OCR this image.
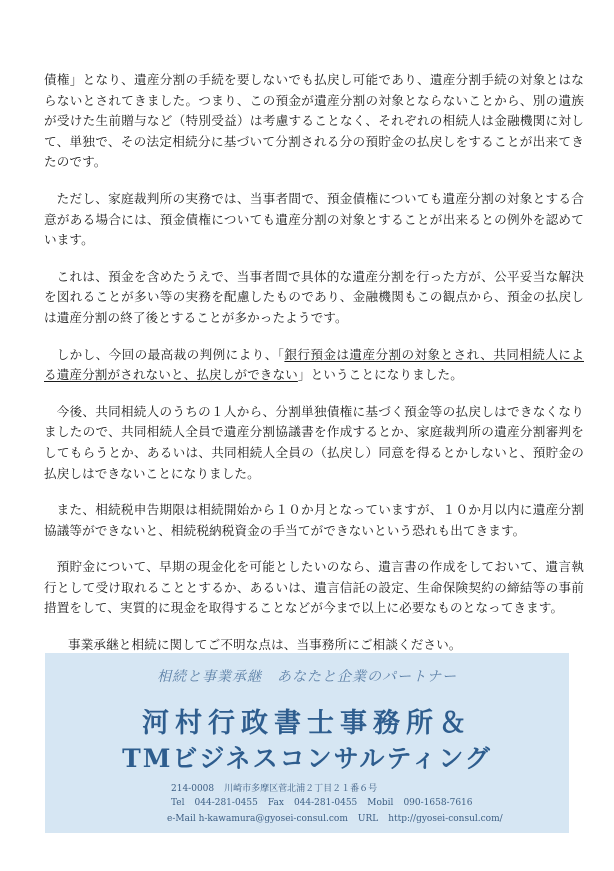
債権」となり、遺産分割の手続を要しないでも払戻し可能であり、遺産分割手続の対象とはならないとされてきました。つまり、この預金が遺産分割の対象とならないことから、別の遺族が受けた生前贈与など（特別受益）は考慮することなく、それぞれの相続人は金融機関に対して、単独で、その法定相続分に基づいて分割される分の預貯金の払戻しをすることが出来てきたのです。

ただし、家庭裁判所の実務では、当事者間で、預金債権についても遺産分割の対象とする合意がある場合には、預金債権についても遺産分割の対象とすることが出来るとの例外を認めています。

これは、預金を含めたうえで、当事者間で具体的な遺産分割を行った方が、公平妥当な解決を図れることが多い等の実務を配慮したものであり、金融機関もこの観点から、預金の払戻しは遺産分割の終了後とすることが多かったようです。

しかし、今回の最高裁の判例により、「銀行預金は遺産分割の対象とされ、共同相続人による遺産分割がされないと、払戻しができない」ということになりました。

今後、共同相続人のうちの１人から、分割単独債権に基づく預金等の払戻しはできなくなりましたので、共同相続人全員で遺産分割協議書を作成するとか、家庭裁判所の遺産分割審判をしてもらうとか、あるいは、共同相続人全員の（払戻し）同意を得るとかしないと、預貯金の払戻しはできないことになりました。

また、相続税申告期限は相続開始から１０か月となっていますが、１０か月以内に遺産分割協議等ができないと、相続税納税資金の手当てができないという恐れも出てきます。

預貯金について、早期の現金化を可能としたいのなら、遺言書の作成をしておいて、遺言執行として受け取れることとするか、あるいは、遺言信託の設定、生命保険契約の締結等の事前措置をして、実質的に現金を取得することなどが今まで以上に必要なものとなってきます。

事業承継と相続に関してご不明な点は、当事務所にご相談ください。

相続と事業承継　あなたと企業のパートナー
河村行政書士事務所＆
TMビジネスコンサルティング
214-0008 川崎市多摩区菅北浦２丁目２１番６号
Tel 044-281-0455 Fax 044-281-0455 Mobil 090-1658-7616
e-Mail h-kawamura@gyosei-consul.com URL http://gyosei-consul.com/
